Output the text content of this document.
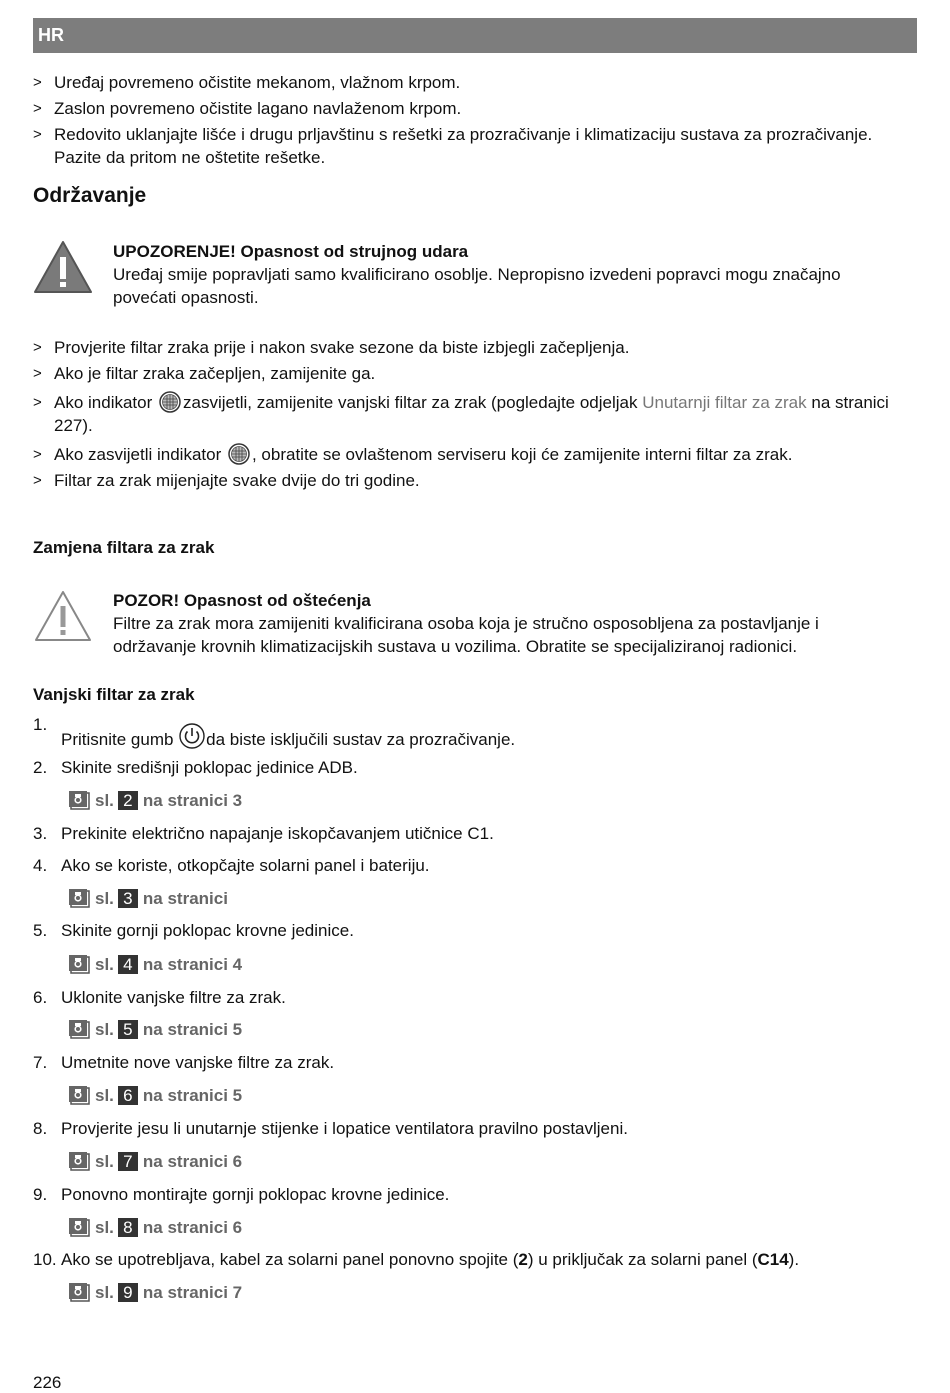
HR
> Uređaj povremeno očistite mekanom, vlažnom krpom.
> Zaslon povremeno očistite lagano navlaženom krpom.
> Redovito uklanjajte lišće i drugu prljavštinu s rešetki za prozračivanje i klimatizaciju sustava za prozračivanje. Pazite da pritom ne oštetite rešetke.
Održavanje
UPOZORENJE! Opasnost od strujnog udara
Uređaj smije popravljati samo kvalificirano osoblje. Nepropisno izvedeni popravci mogu značajno povećati opasnosti.
> Provjerite filtar zraka prije i nakon svake sezone da biste izbjegli začepljenja.
> Ako je filtar zraka začepljen, zamijenite ga.
> Ako indikator zasvijetli, zamijenite vanjski filtar za zrak (pogledajte odjeljak Unutarnji filtar za zrak na stranici 227).
> Ako zasvijetli indikator , obratite se ovlaštenom serviseru koji će zamijenite interni filtar za zrak.
> Filtar za zrak mijenjajte svake dvije do tri godine.
Zamjena filtara za zrak
POZOR! Opasnost od oštećenja
Filtre za zrak mora zamijeniti kvalificirana osoba koja je stručno osposobljena za postavljanje i održavanje krovnih klimatizacijskih sustava u vozilima. Obratite se specijaliziranoj radionici.
Vanjski filtar za zrak
1.
Pritisnite gumb da biste isključili sustav za prozračivanje.
2. Skinite središnji poklopac jedinice ADB.
sl. 2 na stranici 3
3. Prekinite električno napajanje iskopčavanjem utičnice C1.
4. Ako se koriste, otkopčajte solarni panel i bateriju.
sl. 3 na stranici
5. Skinite gornji poklopac krovne jedinice.
sl. 4 na stranici 4
6. Uklonite vanjske filtre za zrak.
sl. 5 na stranici 5
7. Umetnite nove vanjske filtre za zrak.
sl. 6 na stranici 5
8. Provjerite jesu li unutarnje stijenke i lopatice ventilatora pravilno postavljeni.
sl. 7 na stranici 6
9. Ponovno montirajte gornji poklopac krovne jedinice.
sl. 8 na stranici 6
10. Ako se upotrebljava, kabel za solarni panel ponovno spojite (2) u priključak za solarni panel (C14).
sl. 9 na stranici 7
226
